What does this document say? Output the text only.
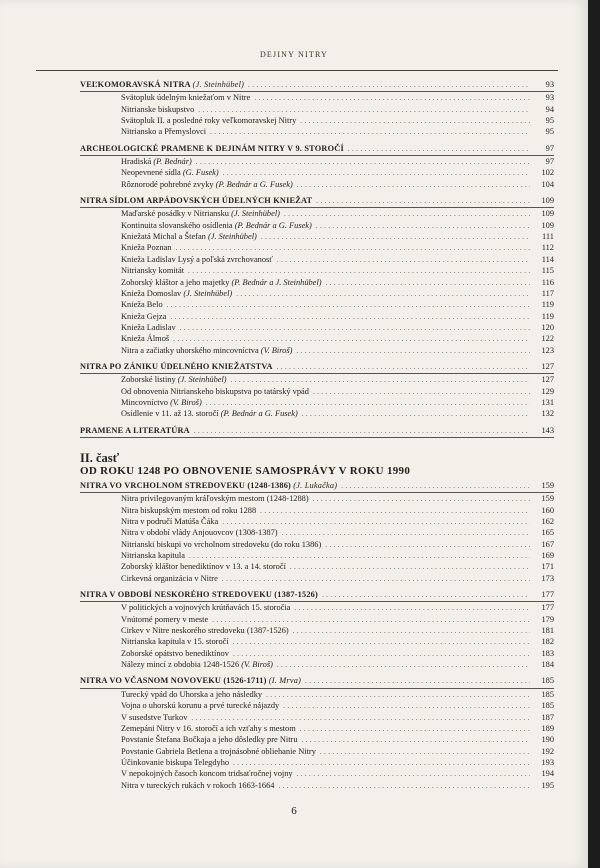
DEJINY NITRY
VEĽKOMORAVSKÁ NITRA (J. Steinhübel) .....	93
Svätopluk údelným kniežaťom v Nitre .....	93
Nitrianske biskupstvo .....	94
Svätopluk II. a posledné roky veľkomoravskej Nitry .....	95
Nitriansko a Přemyslovci .....	95
ARCHEOLOGICKÉ PRAMENE K DEJINÁM NITRY V 9. STOROČÍ .....	97
Hradiská (P. Bednár) .....	97
Neopevnené sídla (G. Fusek) .....	102
Rôznorodé pohrebné zvyky (P. Bednár a G. Fusek) .....	104
NITRA SÍDLOM ARPÁDOVSKÝCH ÚDELNÝCH KNIEŽAT .....	109
Maďarské posádky v Nitriansku (J. Steinhübel) .....	109
Kontinuita slovanského osídlenia (P. Bednár a G. Fusek) .....	109
Kniežatá Michal a Štefan (J. Steinhübel) .....	111
Knieža Poznan .....	112
Knieža Ladislav Lysý a poľská zvrchovanosť .....	114
Nitriansky komitát .....	115
Zoborský kláštor a jeho majetky (P. Bednár a J. Steinhübel) .....	116
Knieža Domoslav (J. Steinhübel) .....	117
Knieža Belo .....	119
Knieža Gejza .....	119
Knieža Ladislav .....	120
Knieža Álmoš .....	122
Nitra a začiatky uhorského mincovníctva (V. Biroš) .....	123
NITRA PO ZÁNIKU ÚDELNÉHO KNIEŽATSTVA .....	127
Zoborské listiny (J. Steinhübel) .....	127
Od obnovenia Nitrianskeho biskupstva po tatárský vpád .....	129
Mincovníctvo (V. Biroš) .....	131
Osídlenie v 11. až 13. storočí (P. Bednár a G. Fusek) .....	132
PRAMENE A LITERATÚRA .....	143
II. časť
OD ROKU 1248 PO OBNOVENIE SAMOSPRÁVY V ROKU 1990
NITRA VO VRCHOLNOM STREDOVEKU (1248-1386) (J. Lukačka) .....	159
Nitra privilegovaným kráľovským mestom (1248-1288) .....	159
Nitra biskupským mestom od roku 1288 .....	160
Nitra v područí Matúša Čáka .....	162
Nitra v období vlády Anjouovcov (1308-1387) .....	165
Nitrianski biskupi vo vrcholnom stredoveku (do roku 1386) .....	167
Nitrianska kapitula .....	169
Zoborský kláštor benediktínov v 13. a 14. storočí .....	171
Cirkevná organizácia v Nitre .....	173
NITRA V OBDOBÍ NESKORÉHO STREDOVEKU (1387-1526) .....	177
V politických a vojnových krútňavách 15. storočia .....	177
Vnútorné pomery v meste .....	179
Cirkev v Nitre neskorého stredoveku (1387-1526) .....	181
Nitrianska kapitula v 15. storočí .....	182
Zoborské opátstvo benediktínov .....	183
Nálezy mincí z obdobia 1248-1526 (V. Biroš) .....	184
NITRA VO VČASNOM NOVOVEKU (1526-1711) (I. Mrva) .....	185
Turecký vpád do Uhorska a jeho následky .....	185
Vojna o uhorskú korunu a prvé turecké nájazdy .....	185
V susedstve Turkov .....	187
Zemepáni Nitry v 16. storočí a ich vzťahy s mestom .....	189
Povstanie Štefana Bočkaja a jeho dôsledky pre Nitru .....	190
Povstanie Gabriela Betlena a trojnásobné obliehanie Nitry .....	192
Účinkovanie biskupa Telegdyho .....	193
V nepokojných časoch koncom tridsaťročnej vojny .....	194
Nitra v tureckých rukách v rokoch 1663-1664 .....	195
6
